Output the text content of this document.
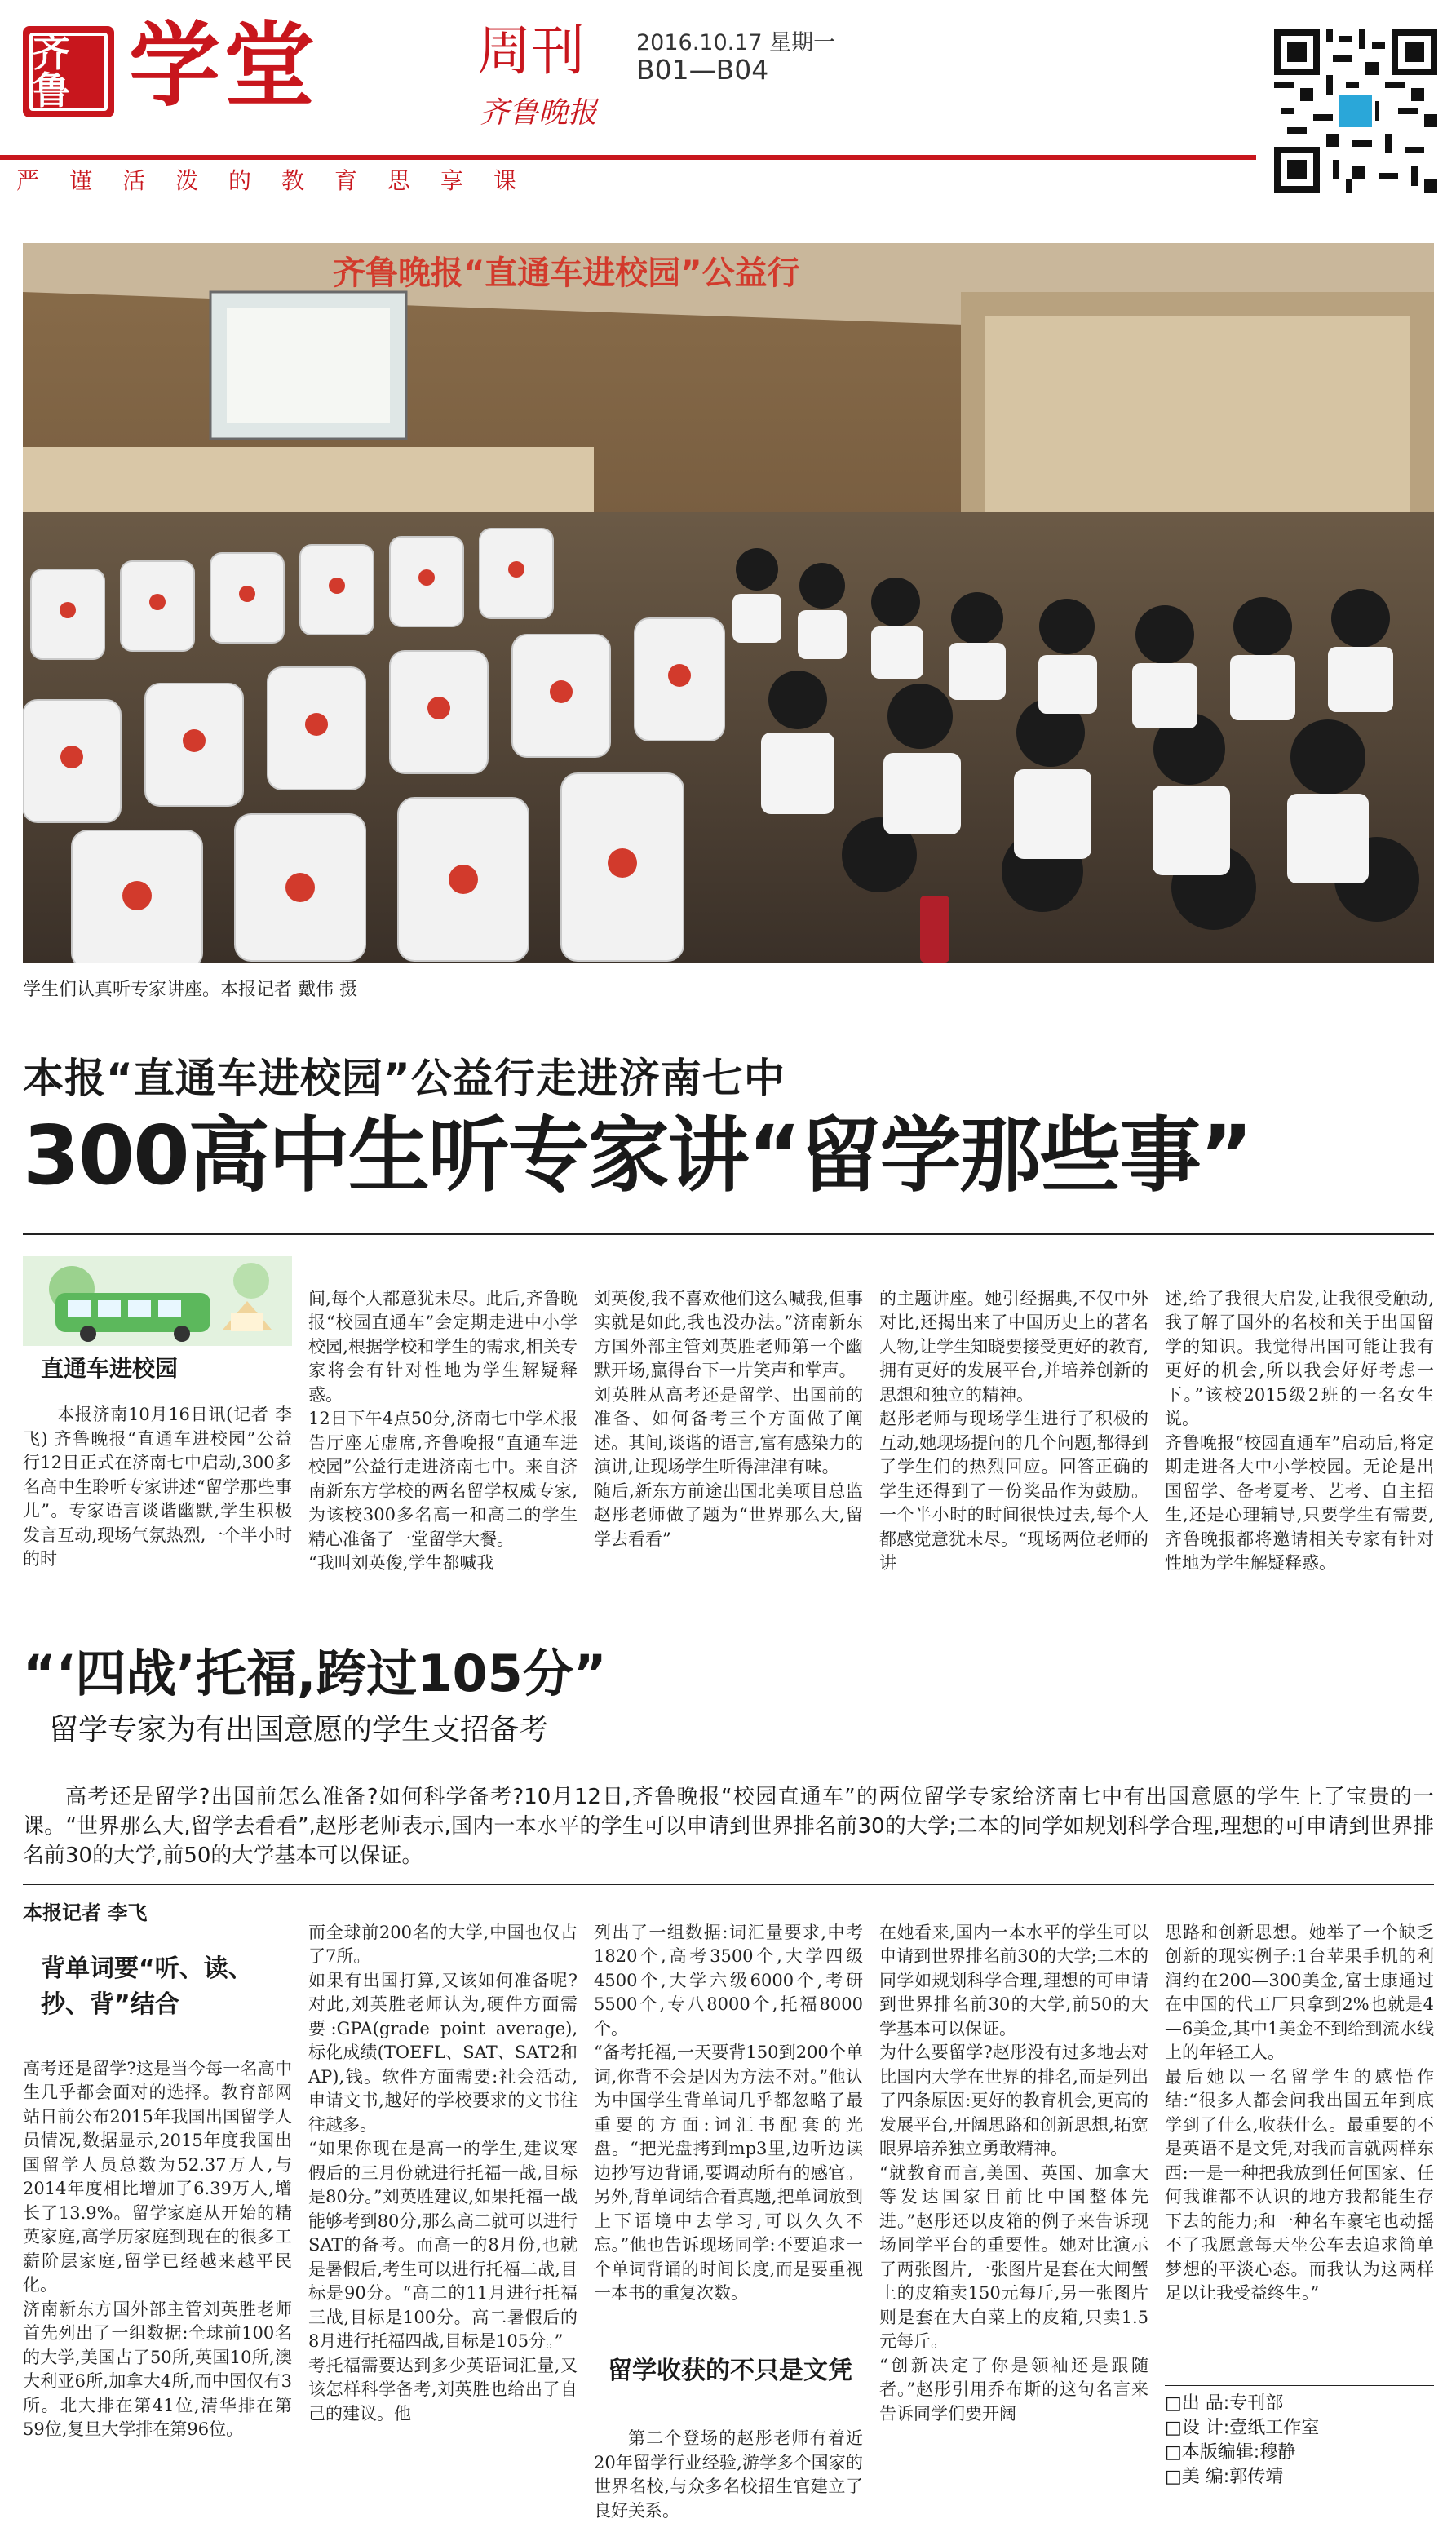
齐鲁 学堂	周刊
齐鲁晚报
2016.10.17 星期一
B01—B04
严谨活泼的教育思享课
齐鲁晚报“直通车进校园”公益行
学生们认真听专家讲座。本报记者 戴伟 摄
本报“直通车进校园”公益行走进济南七中
300高中生听专家讲“留学那些事”
直通车进校园

本报济南10月16日讯(记者 李飞) 齐鲁晚报“直通车进校园”公益行12日正式在济南七中启动,300多名高中生聆听专家讲述“留学那些事儿”。专家语言谈谐幽默,学生积极发言互动,现场气氛热烈,一个半小时的时

间,每个人都意犹未尽。此后,齐鲁晚报“校园直通车”会定期走进中小学校园,根据学校和学生的需求,相关专家将会有针对性地为学生解疑释惑。
12日下午4点50分,济南七中学术报告厅座无虚席,齐鲁晚报“直通车进校园”公益行走进济南七中。来自济南新东方学校的两名留学权威专家,为该校300多名高一和高二的学生精心准备了一堂留学大餐。
“我叫刘英俊,学生都喊我

刘英俊,我不喜欢他们这么喊我,但事实就是如此,我也没办法。”济南新东方国外部主管刘英胜老师第一个幽默开场,赢得台下一片笑声和掌声。
刘英胜从高考还是留学、出国前的准备、如何备考三个方面做了阐述。其间,谈谐的语言,富有感染力的演讲,让现场学生听得津津有味。
随后,新东方前途出国北美项目总监赵彤老师做了题为“世界那么大,留学去看看”

的主题讲座。她引经据典,不仅中外对比,还揭出来了中国历史上的著名人物,让学生知晓要接受更好的教育,拥有更好的发展平台,并培养创新的思想和独立的精神。
赵彤老师与现场学生进行了积极的互动,她现场提问的几个问题,都得到了学生们的热烈回应。回答正确的学生还得到了一份奖品作为鼓励。一个半小时的时间很快过去,每个人都感觉意犹未尽。“现场两位老师的讲

述,给了我很大启发,让我很受触动,我了解了国外的名校和关于出国留学的知识。我觉得出国可能让我有更好的机会,所以我会好好考虑一下。”该校2015级2班的一名女生说。
齐鲁晚报“校园直通车”启动后,将定期走进各大中小学校园。无论是出国留学、备考夏考、艺考、自主招生,还是心理辅导,只要学生有需要,齐鲁晚报都将邀请相关专家有针对性地为学生解疑释惑。

“‘四战’托福,跨过105分”
留学专家为有出国意愿的学生支招备考

高考还是留学?出国前怎么准备?如何科学备考?10月12日,齐鲁晚报“校园直通车”的两位留学专家给济南七中有出国意愿的学生上了宝贵的一课。“世界那么大,留学去看看”,赵彤老师表示,国内一本水平的学生可以申请到世界排名前30的大学;二本的同学如规划科学合理,理想的可申请到世界排名前30的大学,前50的大学基本可以保证。

本报记者 李飞
背单词要“听、读、抄、背”结合

高考还是留学?这是当今每一名高中生几乎都会面对的选择。教育部网站日前公布2015年我国出国留学人员情况,数据显示,2015年度我国出国留学人员总数为52.37万人,与2014年度相比增加了6.39万人,增长了13.9%。留学家庭从开始的精英家庭,高学历家庭到现在的很多工薪阶层家庭,留学已经越来越平民化。
济南新东方国外部主管刘英胜老师首先列出了一组数据:全球前100名的大学,美国占了50所,英国10所,澳大利亚6所,加拿大4所,而中国仅有3所。北大排在第41位,清华排在第59位,复旦大学排在第96位。

而全球前200名的大学,中国也仅占了7所。
如果有出国打算,又该如何准备呢?对此,刘英胜老师认为,硬件方面需要:GPA(grade point average),标化成绩(TOEFL、SAT、SAT2和AP),钱。软件方面需要:社会活动,申请文书,越好的学校要求的文书往往越多。
“如果你现在是高一的学生,建议寒假后的三月份就进行托福一战,目标是80分。”刘英胜建议,如果托福一战能够考到80分,那么高二就可以进行SAT的备考。而高一的8月份,也就是暑假后,考生可以进行托福二战,目标是90分。“高二的11月进行托福三战,目标是100分。高二暑假后的8月进行托福四战,目标是105分。”
考托福需要达到多少英语词汇量,又该怎样科学备考,刘英胜也给出了自己的建议。他

列出了一组数据:词汇量要求,中考1820个,高考3500个,大学四级4500个,大学六级6000个,考研5500个,专八8000个,托福8000个。
“备考托福,一天要背150到200个单词,你背不会是因为方法不对。”他认为中国学生背单词几乎都忽略了最重要的方面:词汇书配套的光盘。“把光盘拷到mp3里,边听边读边抄写边背诵,要调动所有的感官。另外,背单词结合看真题,把单词放到上下语境中去学习,可以久久不忘。”他也告诉现场同学:不要追求一个单词背诵的时间长度,而是要重视一本书的重复次数。

留学收获的不只是文凭

第二个登场的赵彤老师有着近20年留学行业经验,游学多个国家的世界名校,与众多名校招生官建立了良好关系。

在她看来,国内一本水平的学生可以申请到世界排名前30的大学;二本的同学如规划科学合理,理想的可申请到世界排名前30的大学,前50的大学基本可以保证。
为什么要留学?赵彤没有过多地去对比国内大学在世界的排名,而是列出了四条原因:更好的教育机会,更高的发展平台,开阔思路和创新思想,拓宽眼界培养独立勇敢精神。
“就教育而言,美国、英国、加拿大等发达国家目前比中国整体先进。”赵彤还以皮箱的例子来告诉现场同学平台的重要性。她对比演示了两张图片,一张图片是套在大闸蟹上的皮箱卖150元每斤,另一张图片则是套在大白菜上的皮箱,只卖1.5元每斤。
“创新决定了你是领袖还是跟随者。”赵彤引用乔布斯的这句名言来告诉同学们要开阔

思路和创新思想。她举了一个缺乏创新的现实例子:1台苹果手机的利润约在200—300美金,富士康通过在中国的代工厂只拿到2%也就是4—6美金,其中1美金不到给到流水线上的年轻工人。
最后她以一名留学生的感悟作结:“很多人都会问我出国五年到底学到了什么,收获什么。最重要的不是英语不是文凭,对我而言就两样东西:一是一种把我放到任何国家、任何我谁都不认识的地方我都能生存下去的能力;和一种名车豪宅也动摇不了我愿意每天坐公车去追求简单梦想的平淡心态。而我认为这两样足以让我受益终生。”

□出 品:专刊部
□设 计:壹纸工作室
□本版编辑:穆静
□美 编:郭传靖
